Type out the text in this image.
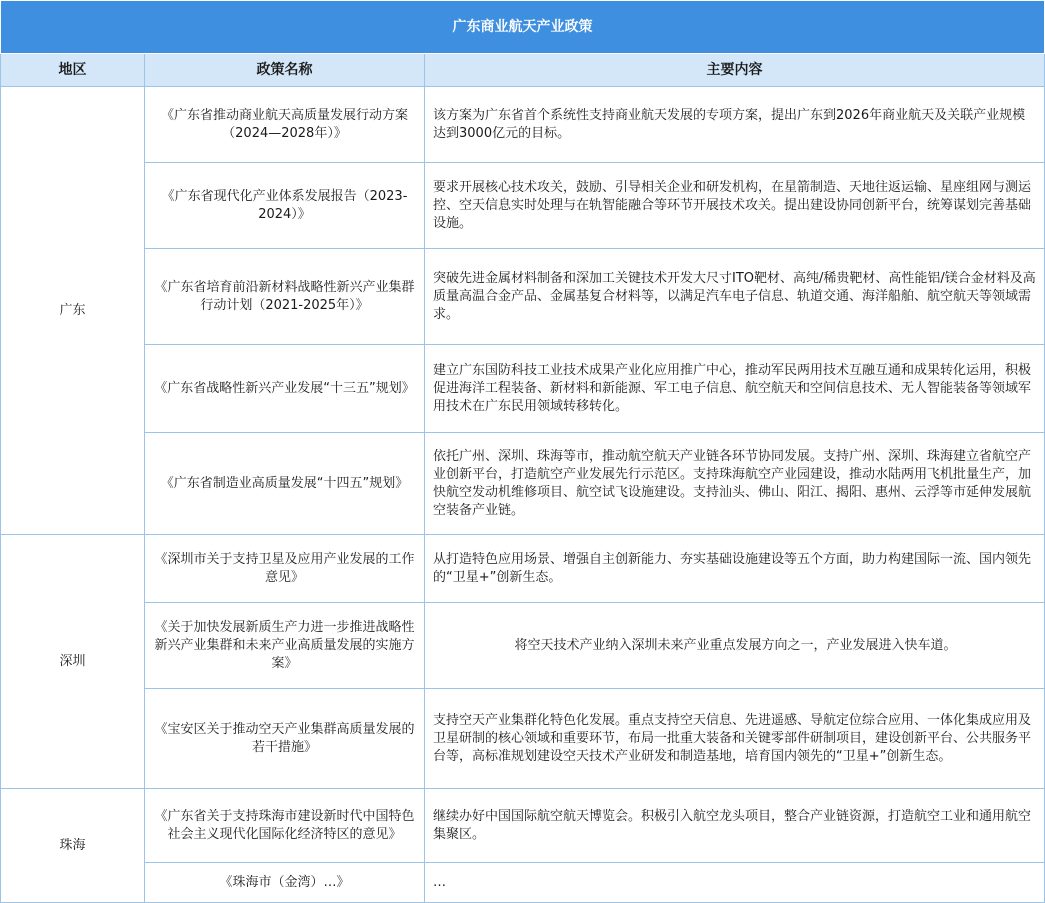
广东商业航天产业政策		
地区	政策名称	主要内容
广东	《广东省推动商业航天高质量发展行动方案（2024—2028年）》	该方案为广东省首个系统性支持商业航天发展的专项方案，提出广东到2026年商业航天及关联产业规模达到3000亿元的目标。
	《广东省现代化产业体系发展报告（2023-2024）》	要求开展核心技术攻关，鼓励、引导相关企业和研发机构，在星箭制造、天地往返运输、星座组网与测运控、空天信息实时处理与在轨智能融合等环节开展技术攻关。提出建设协同创新平台，统筹谋划完善基础设施。
	《广东省培育前沿新材料战略性新兴产业集群行动计划（2021-2025年）》	突破先进金属材料制备和深加工关键技术开发大尺寸ITO靶材、高纯/稀贵靶材、高性能铝/镁合金材料及高质量高温合金产品、金属基复合材料等，以满足汽车电子信息、轨道交通、海洋船舶、航空航天等领域需求。
	《广东省战略性新兴产业发展“十三五”规划》	建立广东国防科技工业技术成果产业化应用推广中心，推动军民两用技术互融互通和成果转化运用，积极促进海洋工程装备、新材料和新能源、军工电子信息、航空航天和空间信息技术、无人智能装备等领域军用技术在广东民用领域转移转化。
	《广东省制造业高质量发展“十四五”规划》	依托广州、深圳、珠海等市，推动航空航天产业链各环节协同发展。支持广州、深圳、珠海建立省航空产业创新平台，打造航空产业发展先行示范区。支持珠海航空产业园建设，推动水陆两用飞机批量生产，加快航空发动机维修项目、航空试飞设施建设。支持汕头、佛山、阳江、揭阳、惠州、云浮等市延伸发展航空装备产业链。
深圳	《深圳市关于支持卫星及应用产业发展的工作意见》	从打造特色应用场景、增强自主创新能力、夯实基础设施建设等五个方面，助力构建国际一流、国内领先的“卫星+”创新生态。
	《关于加快发展新质生产力进一步推进战略性新兴产业集群和未来产业高质量发展的实施方案》	将空天技术产业纳入深圳未来产业重点发展方向之一，产业发展进入快车道。
	《宝安区关于推动空天产业集群高质量发展的若干措施》	支持空天产业集群化特色化发展。重点支持空天信息、先进遥感、导航定位综合应用、一体化集成应用及卫星研制的核心领域和重要环节，布局一批重大装备和关键零部件研制项目，建设创新平台、公共服务平台等，高标准规划建设空天技术产业研发和制造基地，培育国内领先的“卫星+”创新生态。
珠海	《广东省关于支持珠海市建设新时代中国特色社会主义现代化国际化经济特区的意见》	继续办好中国国际航空航天博览会。积极引入航空龙头项目，整合产业链资源，打造航空工业和通用航空集聚区。
	《珠海市（金湾）…》	…
